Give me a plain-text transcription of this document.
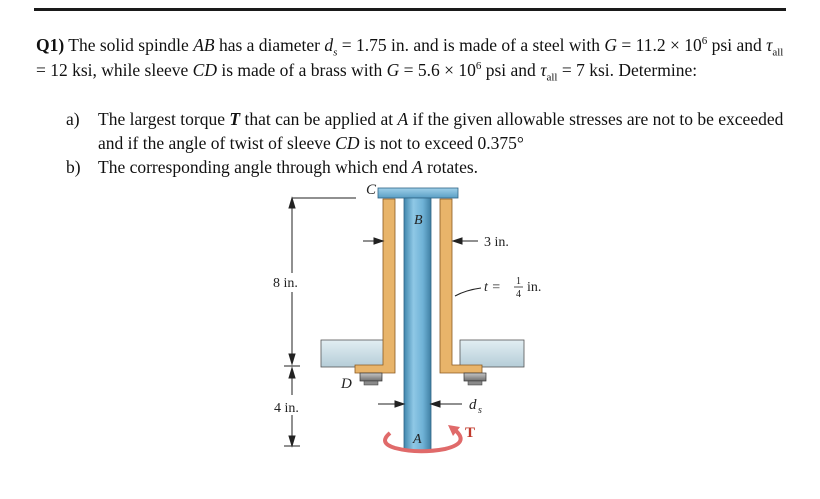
Q1) The solid spindle AB has a diameter $d_s = 1.75$ in. and is made of a steel with $G = 11.2 \times 10^6$ psi and $\tau_{all} = 12$ ksi, while sleeve CD is made of a brass with $G = 5.6 \times 10^6$ psi and $\tau_{all} = 7$ ksi. Determine:
a) The largest torque T that can be applied at A if the given allowable stresses are not to be exceeded and if the angle of twist of sleeve CD is not to exceed 0.375°
b) The corresponding angle through which end A rotates.
8 in.
4 in.
C
B
D
A	T
3 in.
t = 1
4 in.
d s
